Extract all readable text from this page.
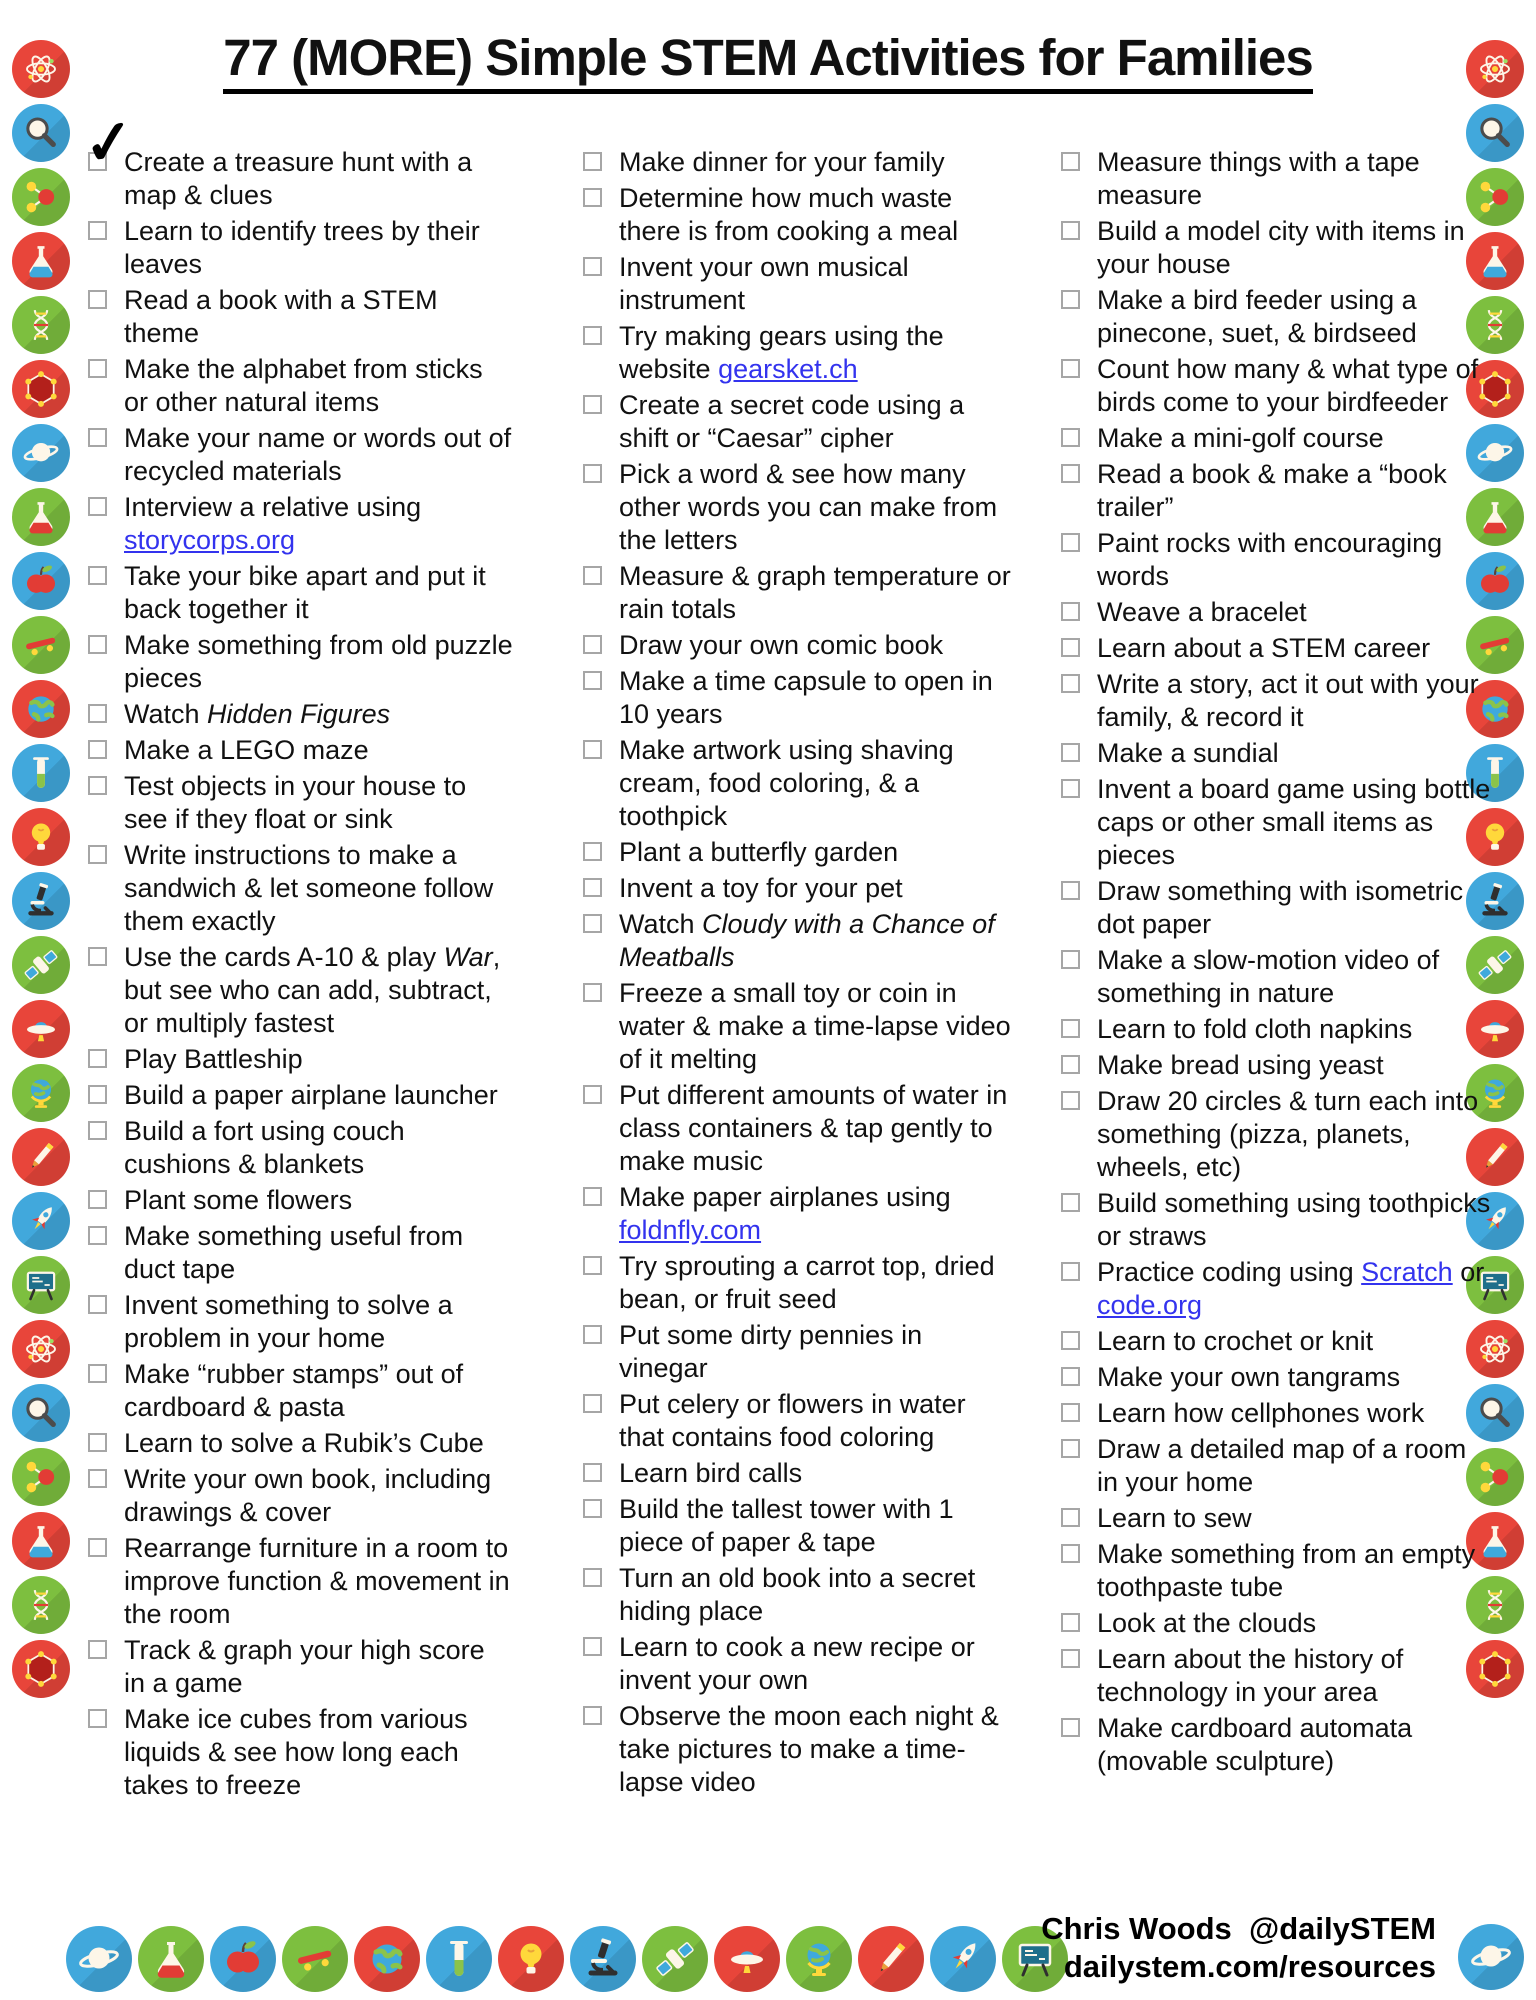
77 (MORE) Simple STEM Activities for Families
✓
Create a treasure hunt with a map & clues
Learn to identify trees by their leaves
Read a book with a STEM theme
Make the alphabet from sticks or other natural items
Make your name or words out of recycled materials
Interview a relative using storycorps.org
Take your bike apart and put it back together it
Make something from old puzzle pieces
Watch Hidden Figures
Make a LEGO maze
Test objects in your house to see if they float or sink
Write instructions to make a sandwich & let someone follow them exactly
Use the cards A-10 & play War, but see who can add, subtract, or multiply fastest
Play Battleship
Build a paper airplane launcher
Build a fort using couch cushions & blankets
Plant some flowers
Make something useful from duct tape
Invent something to solve a problem in your home
Make “rubber stamps” out of cardboard & pasta
Learn to solve a Rubik’s Cube
Write your own book, including drawings & cover
Rearrange furniture in a room to improve function & movement in the room
Track & graph your high score in a game
Make ice cubes from various liquids & see how long each takes to freeze
Make dinner for your family
Determine how much waste there is from cooking a meal
Invent your own musical instrument
Try making gears using the website gearsket.ch
Create a secret code using a shift or “Caesar” cipher
Pick a word & see how many other words you can make from the letters
Measure & graph temperature or rain totals
Draw your own comic book
Make a time capsule to open in 10 years
Make artwork using shaving cream, food coloring, & a toothpick
Plant a butterfly garden
Invent a toy for your pet
Watch Cloudy with a Chance of Meatballs
Freeze a small toy or coin in water & make a time-lapse video of it melting
Put different amounts of water in class containers & tap gently to make music
Make paper airplanes using foldnfly.com
Try sprouting a carrot top, dried bean, or fruit seed
Put some dirty pennies in vinegar
Put celery or flowers in water that contains food coloring
Learn bird calls
Build the tallest tower with 1 piece of paper & tape
Turn an old book into a secret hiding place
Learn to cook a new recipe or invent your own
Observe the moon each night & take pictures to make a time-lapse video
Measure things with a tape measure
Build a model city with items in your house
Make a bird feeder using a pinecone, suet, & birdseed
Count how many & what type of birds come to your birdfeeder
Make a mini-golf course
Read a book & make a “book trailer”
Paint rocks with encouraging words
Weave a bracelet
Learn about a STEM career
Write a story, act it out with your family, & record it
Make a sundial
Invent a board game using bottle caps or other small items as pieces
Draw something with isometric dot paper
Make a slow-motion video of something in nature
Learn to fold cloth napkins
Make bread using yeast
Draw 20 circles & turn each into something (pizza, planets, wheels, etc)
Build something using toothpicks or straws
Practice coding using Scratch or code.org
Learn to crochet or knit
Make your own tangrams
Learn how cellphones work
Draw a detailed map of a room in your home
Learn to sew
Make something from an empty toothpaste tube
Look at the clouds
Learn about the history of technology in your area
Make cardboard automata (movable sculpture)
Chris Woods  @dailySTEM
dailystem.com/resources
